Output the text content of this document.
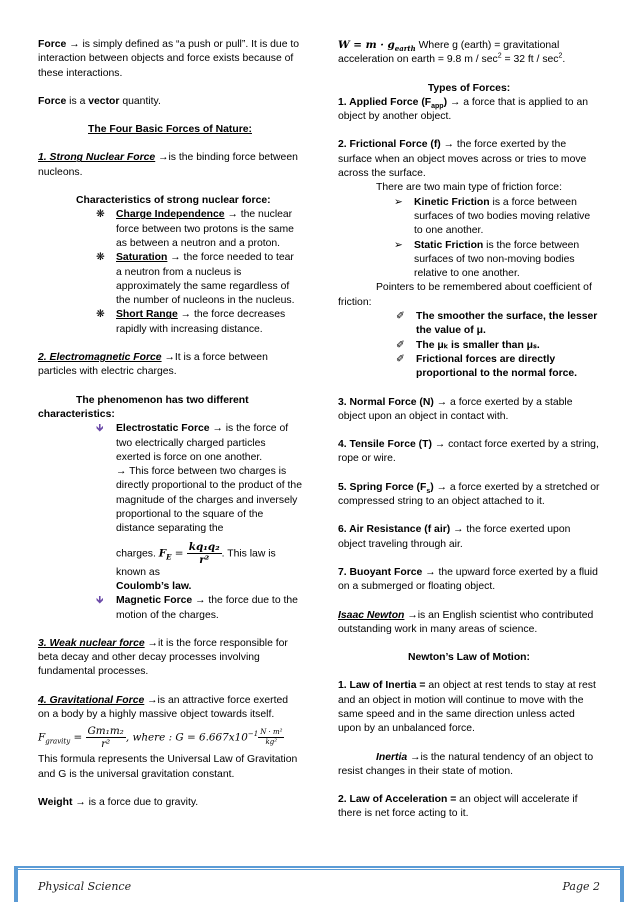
Force → is simply defined as “a push or pull”. It is due to interaction between objects and force exists because of these interactions.

Force is a vector quantity.

The Four Basic Forces of Nature:

1. Strong Nuclear Force →is the binding force between nucleons.

Characteristics of strong nuclear force:

❋	Charge Independence → the nuclear force between two protons is the same as between a neutron and a proton.
❋	Saturation → the force needed to tear a neutron from a nucleus is approximately the same regardless of the number of nucleons in the nucleus.
❋	Short Range → the force decreases rapidly with increasing distance.

2. Electromagnetic Force →It is a force between particles with electric charges.

The phenomenon has two different characteristics:

🡻	Electrostatic Force → is the force of two electrically charged particles exerted is force on one another.
→ This force between two charges is directly proportional to the product of the magnitude of the charges and inversely proportional to the square of the distance separating the
charges. $F_E = \frac{\text{kq₁q₂}}{\text{r²}}$ . This law is known asCoulomb’s law.
🡻	Magnetic Force → the force due to the motion of the charges.

3. Weak nuclear force →it is the force responsible for beta decay and other decay processes involving fundamental processes.

4. Gravitational Force →is an attractive force exerted on a body by a highly massive object towards itself.

$F_{gravity} = \frac{\text{Gm₁m₂}}{\text{r²}}$ , where : $G = 6.667x10^{-1} \frac{\text{N · m²}}{\text{kg²}}$

This formula represents the Universal Law of Gravitation and G is the universal gravitation constant.

Weight → is a force due to gravity.

$W = m \cdot g_{earth}$ Where g (earth) = gravitational acceleration on earth = 9.8 $m / \sec^2 = 32$ ft / $\sec^2$.

Types of Forces:

1. Applied Force $(F_{app}) \to a$ force that is applied to an object by another object.

2. Frictional Force (f) → the force exerted by the surface when an object moves across or tries to move across the surface.

There are two main type of friction force:

➢	Kinetic Friction is a force between surfaces of two bodies moving relative to one another.
➢	Static Friction is the force between surfaces of two non-moving bodies relative to one another.

Pointers to be remembered about coefficient of friction:

✐	The smoother the surface, the lesser the value of μ.
✐	The μₖ is smaller than μₛ.
✐	Frictional forces are directly proportional to the normal force.

3. Normal Force (N) → a force exerted by a stable object upon an object in contact with.

4. Tensile Force (T) → contact force exerted by a string, rope or wire.

5. Spring Force $(F_s) \to a$ force exerted by a stretched or compressed string to an object attached to it.

6. Air Resistance (f air) → the force exerted upon object traveling through air.

7. Buoyant Force → the upward force exerted by a fluid on a submerged or floating object.

Isaac Newton →is an English scientist who contributed outstanding work in many areas of science.

Newton’s Law of Motion:

1. Law of Inertia = an object at rest tends to stay at rest and an object in motion will continue to move with the same speed and in the same direction unless acted upon by an unbalanced force.

Inertia →is the natural tendency of an object to resist changes in their state of motion.

2. Law of Acceleration = an object will accelerate if there is net force acting to it.

Physical Science	Page 2
